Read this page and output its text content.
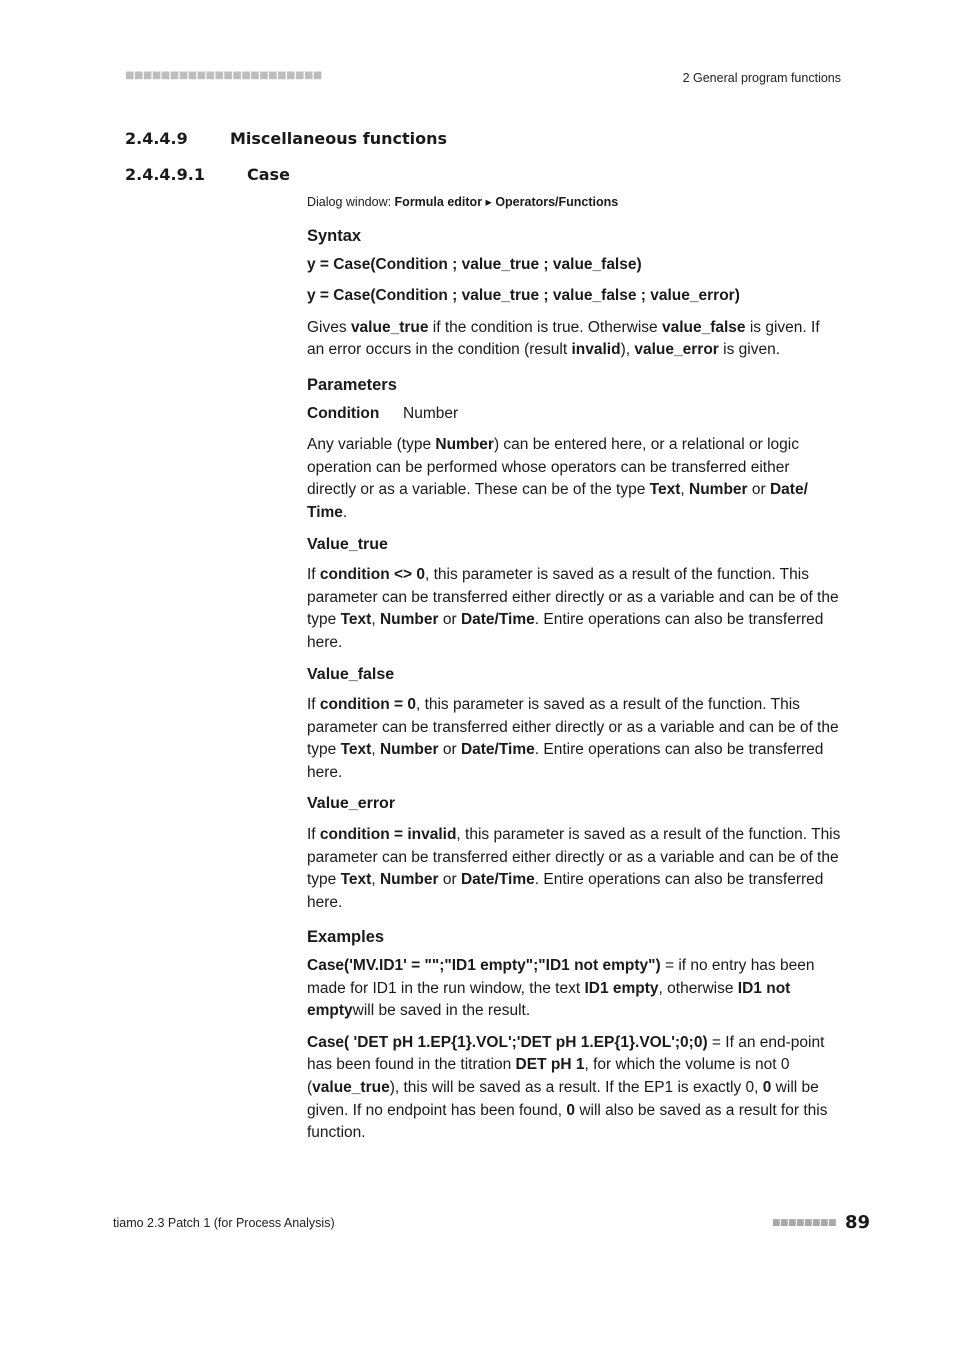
■■■■■■■■■■■■■■■■■■■■■■	2 General program functions
2.4.4.9	Miscellaneous functions
2.4.4.9.1	Case
Dialog window: Formula editor ▸ Operators/Functions
Syntax

y = Case(Condition ; value_true ; value_false)

y = Case(Condition ; value_true ; value_false ; value_error)

Gives value_true if the condition is true. Otherwise value_false is given. If an error occurs in the condition (result invalid), value_error is given.

Parameters
Condition Number

Any variable (type Number) can be entered here, or a relational or logic operation can be performed whose operators can be transferred either directly or as a variable. These can be of the type Text, Number or Date/ Time.

Value_true

If condition <> 0, this parameter is saved as a result of the function. This parameter can be transferred either directly or as a variable and can be of the type Text, Number or Date/Time. Entire operations can also be transferred here.

Value_false

If condition = 0, this parameter is saved as a result of the function. This parameter can be transferred either directly or as a variable and can be of the type Text, Number or Date/Time. Entire operations can also be transferred here.

Value_error

If condition = invalid, this parameter is saved as a result of the function. This parameter can be transferred either directly or as a variable and can be of the type Text, Number or Date/Time. Entire operations can also be transferred here.

Examples

Case('MV.ID1' = "";"ID1 empty";"ID1 not empty") = if no entry has been made for ID1 in the run window, the text ID1 empty, otherwise ID1 not emptywill be saved in the result.

Case( 'DET pH 1.EP{1}.VOL';'DET pH 1.EP{1}.VOL';0;0) = If an end-point has been found in the titration DET pH 1, for which the volume is not 0 (value_true), this will be saved as a result. If the EP1 is exactly 0, 0 will be given. If no endpoint has been found, 0 will also be saved as a result for this function.

tiamo 2.3 Patch 1 (for Process Analysis)	■■■■■■■■ 89
